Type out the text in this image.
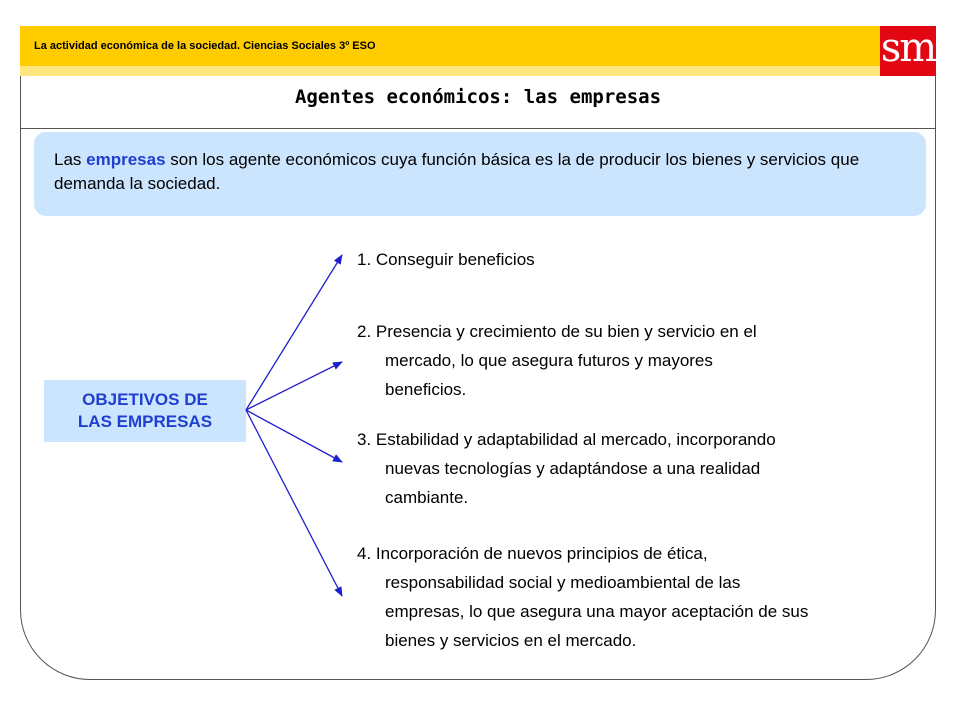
La actividad económica de la sociedad. Ciencias Sociales 3º ESO	sm
Agentes económicos: las empresas
Las empresas son los agente económicos cuya función básica es la de producir los bienes y servicios que demanda la sociedad.
OBJETIVOS DE
LAS EMPRESAS
1. Conseguir beneficios
2. Presencia y crecimiento de su bien y servicio en el
mercado, lo que asegura futuros y mayores
beneficios.
3. Estabilidad y adaptabilidad al mercado, incorporando
nuevas tecnologías y adaptándose a una realidad
cambiante.
4. Incorporación de nuevos principios de ética,
responsabilidad social y medioambiental de las
empresas, lo que asegura una mayor aceptación de sus
bienes y servicios en el mercado.
